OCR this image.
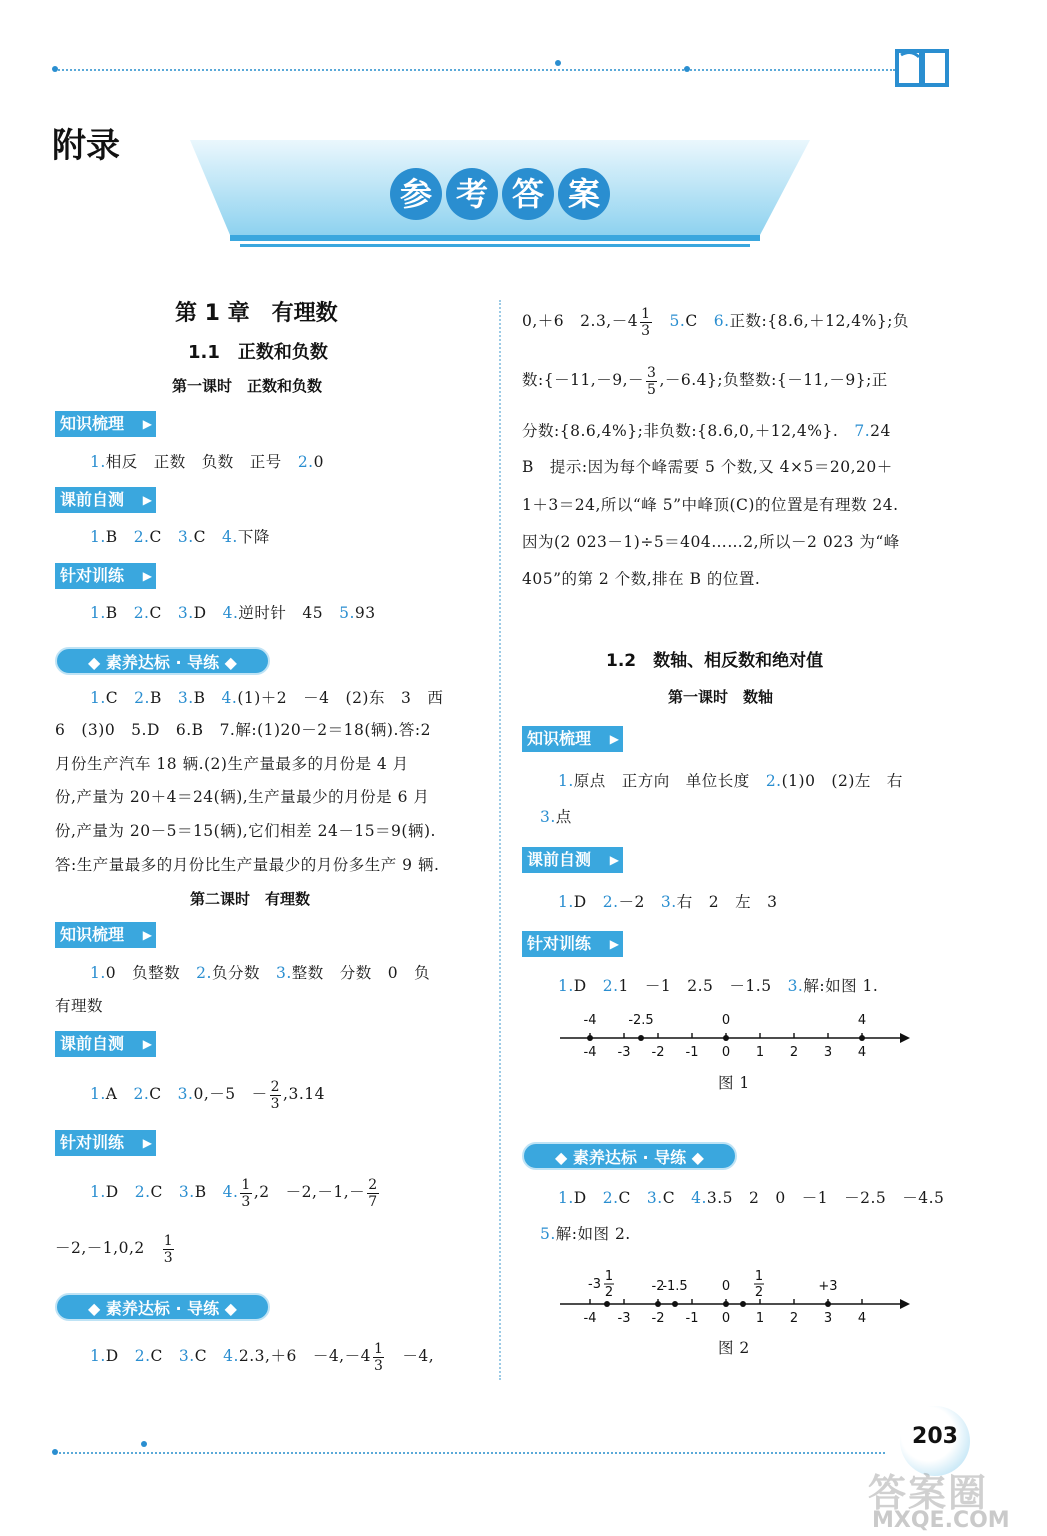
附录
参 考 答 案
第 1 章　有理数
1.1　正数和负数
第一课时　正数和负数
知识梳理 ▶
1.相反　正数　负数　正号　2.0
课前自测 ▶
1.B　2.C　3.C　4.下降
针对训练 ▶
1.B　2.C　3.D　4.逆时针　45　5.93
◆ 素养达标 · 导练 ◆
1.C　2.B　3.B　4.(1)＋2　－4　(2)东　3　西
6　(3)0　5.D　6.B　7.解:(1)20－2＝18(辆).答:2
月份生产汽车 18 辆.(2)生产量最多的月份是 4 月
份,产量为 20＋4＝24(辆),生产量最少的月份是 6 月
份,产量为 20－5＝15(辆),它们相差 24－15＝9(辆).
答:生产量最多的月份比生产量最少的月份多生产 9 辆.
第二课时　有理数
知识梳理 ▶
1.0　负整数　2.负分数　3.整数　分数　0　负
有理数
课前自测 ▶
1.A　2.C　3.0,－5　－ $\frac{2}{3} ,3.14$
针对训练 ▶
1.D　2.C　3.B　4. $\frac{1}{3} ,2$　$-2,-1,- \frac{2}{7}$
－2,－1,0,2　 $\frac{1}{3}$
◆ 素养达标 · 导练 ◆
1.D　2.C　3.C　4.2.3,＋6　$-4,-4 \frac{1}{3}$ 　－4,
0,＋6　$2.3,-4 \frac{1}{3}$
　 5.C　6.正数:{8.6,＋12,4%};负
数:{－11,－9,－ $\frac{3}{5} ,-6.4$};负整数:{－11,－9};正
分数:{8.6,4%};非负数:{8.6,0,＋12,4%}.　7.24
B　提示:因为每个峰需要 5 个数,又 4×5＝20,20＋
1＋3＝24,所以“峰 5”中峰顶(C)的位置是有理数 24.
因为(2 023－1)÷5＝404……2,所以－2 023 为“峰
405”的第 2 个数,排在 B 的位置.
1.2　数轴、相反数和绝对值
第一课时　数轴
知识梳理 ▶
1.原点　正方向　单位长度　2.(1)0　(2)左　右
3.点
课前自测 ▶
1.D　2.－2　3.右　2　左　3
针对训练 ▶
1.D　2.1　－1　2.5　－1.5　3.解:如图 1.
-4 -3 -2 -1 0 1 2 3 4
-4 -2.5	0	4
图 1
◆ 素养达标 · 导练 ◆
1.D　2.C　3.C　4.3.5　2　0　－1　－2.5　－4.5
5.解:如图 2.
-4 -3 -2 -1 0 1 2 3 4
-3
1
2	-2
-1.5	0
1
2	+3
图 2
203
答案圈
MXQE.COM
